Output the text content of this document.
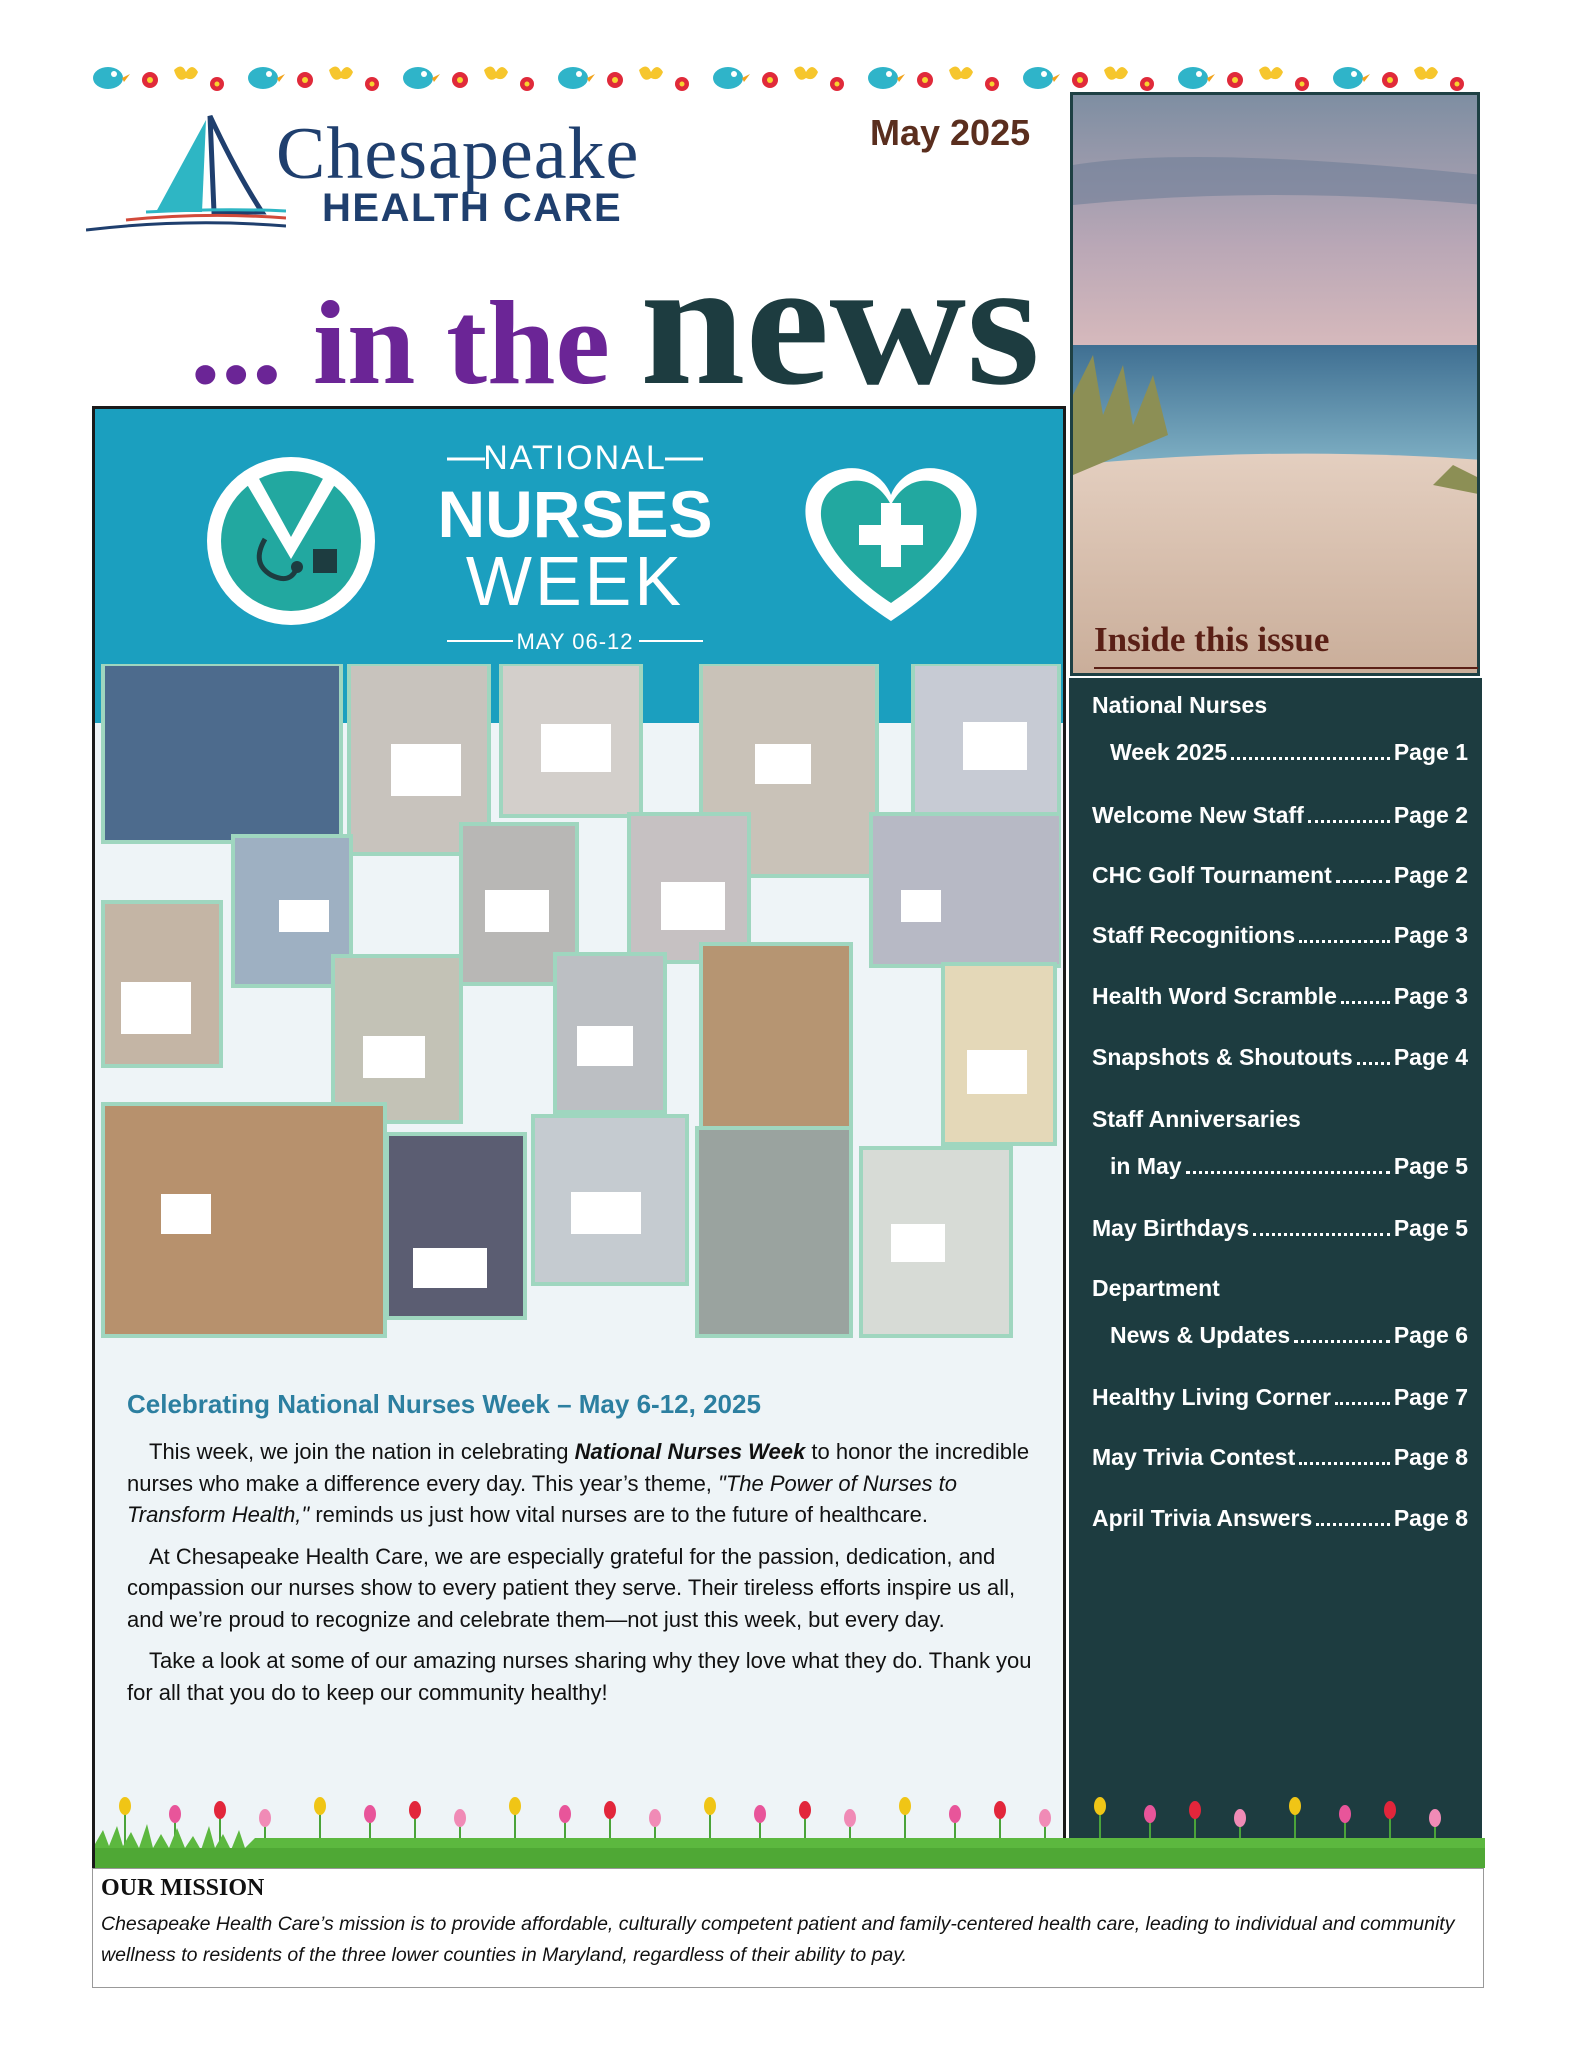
Chesapeake
HEALTH CARE
May 2025
... in the news
Inside this issue
National Nurses
Week 2025	Page 1
Welcome New Staff	Page 2
CHC Golf Tournament	Page 2
Staff Recognitions	Page 3
Health Word Scramble Page 3
Snapshots & Shoutouts Page 4
Staff Anniversaries
in May	Page 5
May Birthdays	Page 5
Department
News & Updates	Page 6
Healthy Living Corner	Page 7
May Trivia Contest	Page 8
April Trivia Answers	Page 8
NATIONAL
NURSES
WEEK
MAY 06-12
Celebrating National Nurses Week – May 6-12, 2025

This week, we join the nation in celebrating National Nurses Week to honor the incredible nurses who make a difference every day. This year’s theme, "The Power of Nurses to Transform Health," reminds us just how vital nurses are to the future of healthcare.

At Chesapeake Health Care, we are especially grateful for the passion, dedication, and compassion our nurses show to every patient they serve. Their tireless efforts inspire us all, and we’re proud to recognize and celebrate them—not just this week, but every day.

Take a look at some of our amazing nurses sharing why they love what they do. Thank you for all that you do to keep our community healthy!

OUR MISSION
Chesapeake Health Care’s mission is to provide affordable, culturally competent patient and family-centered health care, leading to individual and community wellness to residents of the three lower counties in Maryland, regardless of their ability to pay.
